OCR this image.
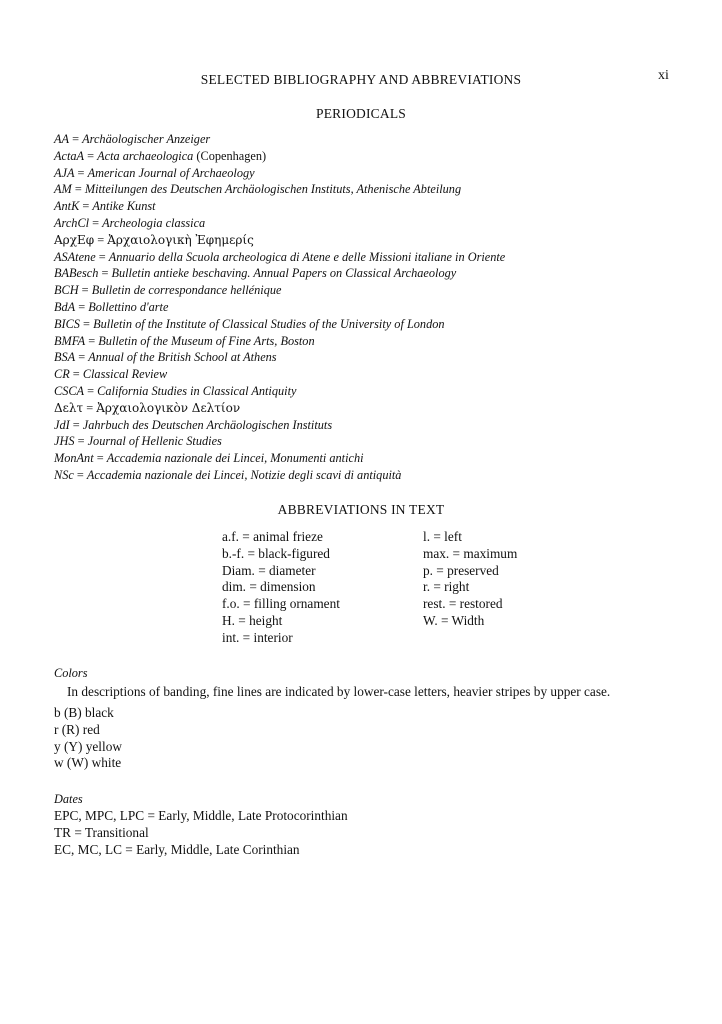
xi
SELECTED BIBLIOGRAPHY AND ABBREVIATIONS
PERIODICALS
AA = Archäologischer Anzeiger
ActaA = Acta archaeologica (Copenhagen)
AJA = American Journal of Archaeology
AM = Mitteilungen des Deutschen Archäologischen Instituts, Athenische Abteilung
AntK = Antike Kunst
ArchCl = Archeologia classica
ΑρχΕφ = Ἀρχαιολογικὴ Ἐφημερίς
ASAtene = Annuario della Scuola archeologica di Atene e delle Missioni italiane in Oriente
BABesch = Bulletin antieke beschaving. Annual Papers on Classical Archaeology
BCH = Bulletin de correspondance hellénique
BdA = Bollettino d'arte
BICS = Bulletin of the Institute of Classical Studies of the University of London
BMFA = Bulletin of the Museum of Fine Arts, Boston
BSA = Annual of the British School at Athens
CR = Classical Review
CSCA = California Studies in Classical Antiquity
Δελτ = Ἀρχαιολογικὸν Δελτίον
JdI = Jahrbuch des Deutschen Archäologischen Instituts
JHS = Journal of Hellenic Studies
MonAnt = Accademia nazionale dei Lincei, Monumenti antichi
NSc = Accademia nazionale dei Lincei, Notizie degli scavi di antiquità
ABBREVIATIONS IN TEXT
a.f. = animal frieze
b.-f. = black-figured
Diam. = diameter
dim. = dimension
f.o. = filling ornament
H. = height
int. = interior
l. = left
max. = maximum
p. = preserved
r. = right
rest. = restored
W. = Width
Colors
In descriptions of banding, fine lines are indicated by lower-case letters, heavier stripes by upper case.
b (B) black
r (R) red
y (Y) yellow
w (W) white
Dates
EPC, MPC, LPC = Early, Middle, Late Protocorinthian
TR = Transitional
EC, MC, LC = Early, Middle, Late Corinthian
